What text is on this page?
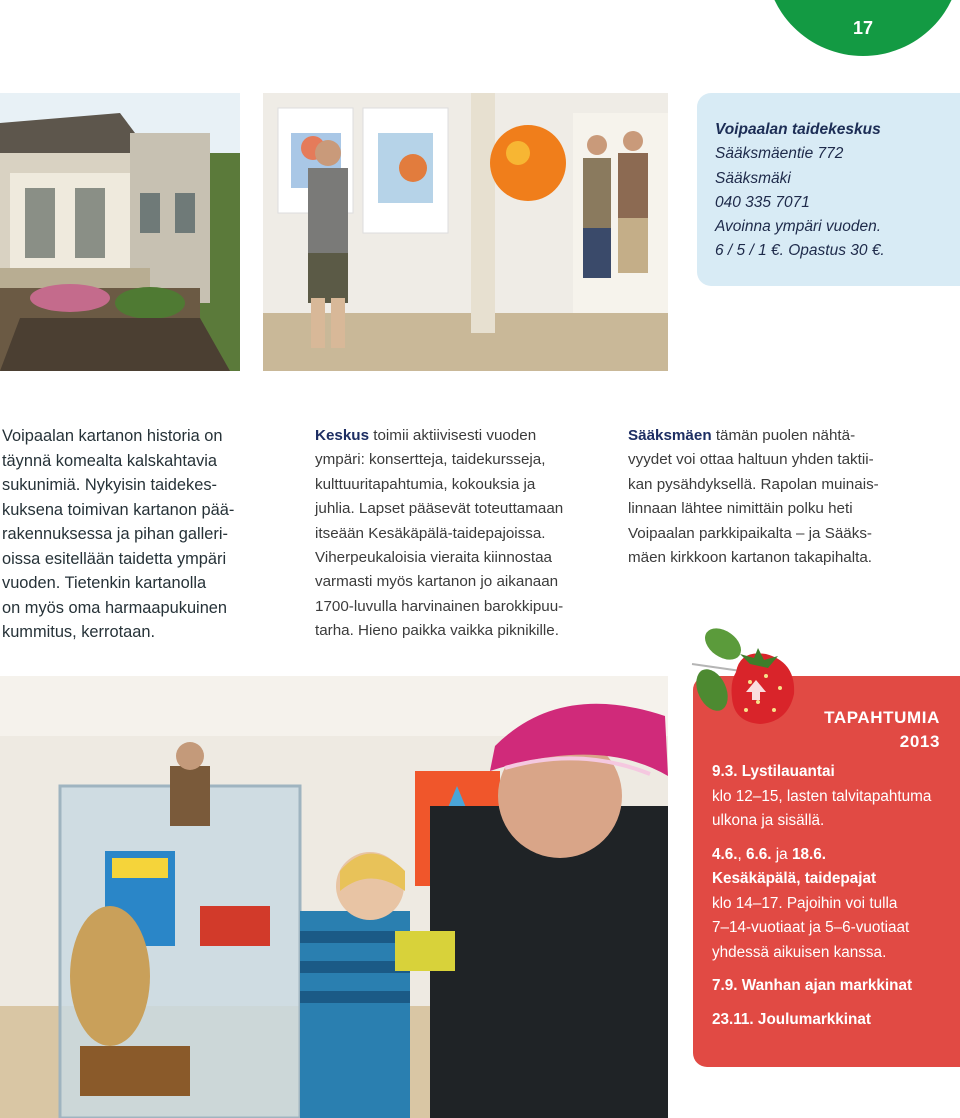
17
Voipaalan taidekeskus
Sääksmäentie 772
Sääksmäki
040 335 7071
Avoinna ympäri vuoden.
6 / 5 / 1 €. Opastus 30 €.

Voipaalan kartanon historia on
täynnä komealta kalskahtavia
sukunimiä. Nykyisin taidekes-
kuksena toimivan kartanon pää-
rakennuksessa ja pihan galleri-
oissa esitellään taidetta ympäri
vuoden. Tietenkin kartanolla
on myös oma harmaapukuinen
kummitus, kerrotaan.

Keskus toimii aktiivisesti vuoden
ympäri: konsertteja, taidekursseja,
kulttuuritapahtumia, kokouksia ja
juhlia. Lapset pääsevät toteuttamaan
itseään Kesäkäpälä-taidepajoissa.
Viherpeukaloisia vieraita kiinnostaa
varmasti myös kartanon jo aikanaan
1700-luvulla harvinainen barokkipuu-
tarha. Hieno paikka vaikka piknikille.

Sääksmäen tämän puolen nähtä-
vyydet voi ottaa haltuun yhden taktii-
kan pysähdyksellä. Rapolan muinais-
linnaan lähtee nimittäin polku heti
Voipaalan parkkipaikalta – ja Sääks-
mäen kirkkoon kartanon takapihalta.

TAPAHTUMIA
2013
9.3. Lystilauantai
klo 12–15, lasten talvitapahtuma
ulkona ja sisällä.
4.6., 6.6. ja 18.6.
Kesäkäpälä, taidepajat
klo 14–17. Pajoihin voi tulla
7–14-vuotiaat ja 5–6-vuotiaat
yhdessä aikuisen kanssa.
7.9. Wanhan ajan markkinat
23.11. Joulumarkkinat
